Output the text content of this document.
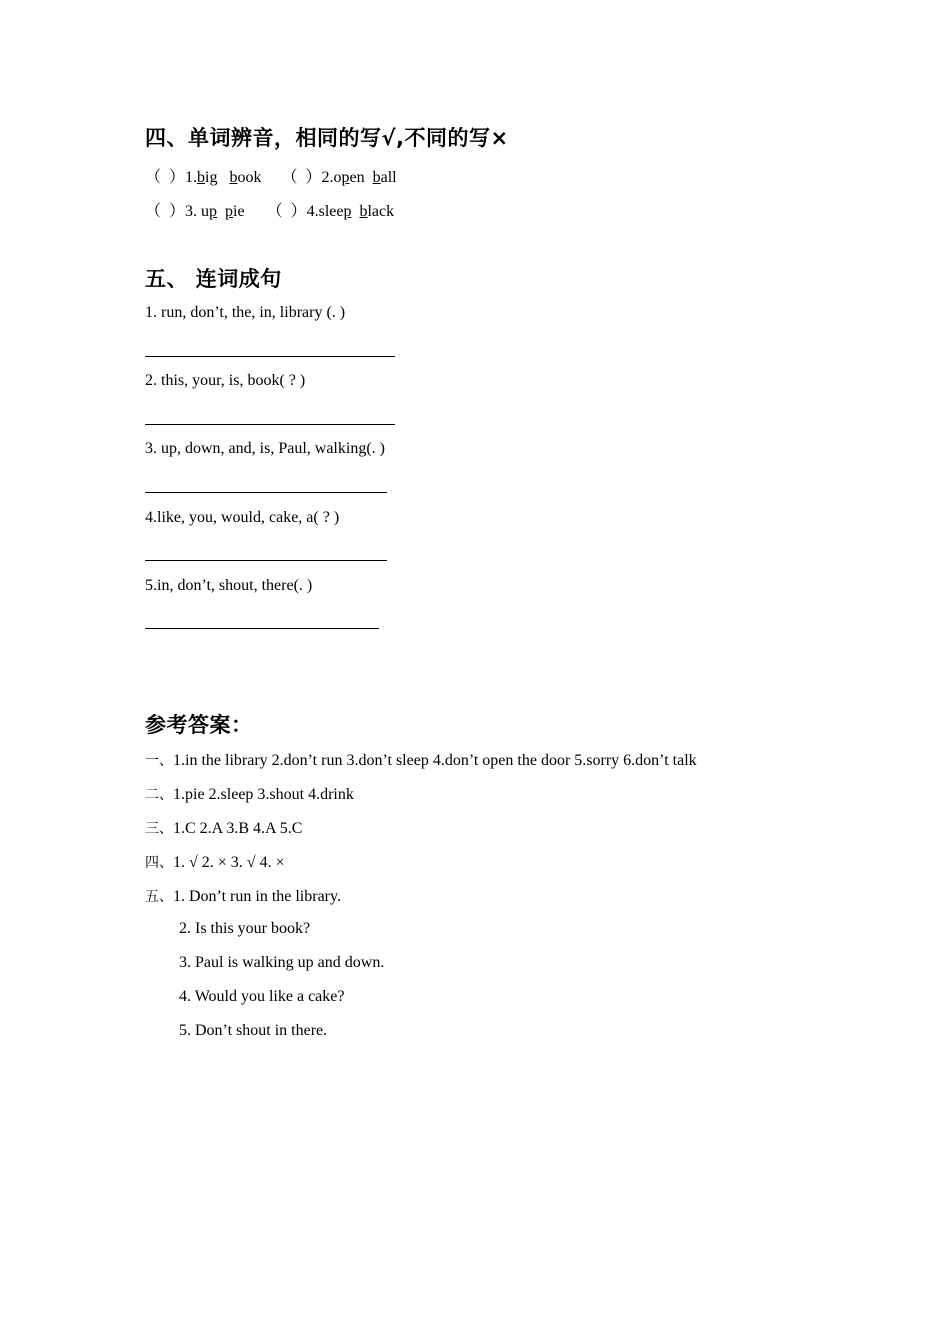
四、单词辨音，相同的写√,不同的写×
（ ）1.big book （ ）2.open ball
（ ）3. up pie （ ）4.sleep black
五、 连词成句
1. run, don’t, the, in, library (. )
2. this, your, is, book( ? )
3. up, down, and, is, Paul, walking(. )
4.like, you, would, cake, a( ? )
5.in, don’t, shout, there(. )
参考答案：
一、1.in the library 2.don’t run 3.don’t sleep 4.don’t open the door 5.sorry 6.don’t talk
二、1.pie 2.sleep 3.shout 4.drink
三、1.C 2.A 3.B 4.A 5.C
四、1. √ 2. × 3. √ 4. ×
五、1. Don’t run in the library.
2. Is this your book?
3. Paul is walking up and down.
4. Would you like a cake?
5. Don’t shout in there.
